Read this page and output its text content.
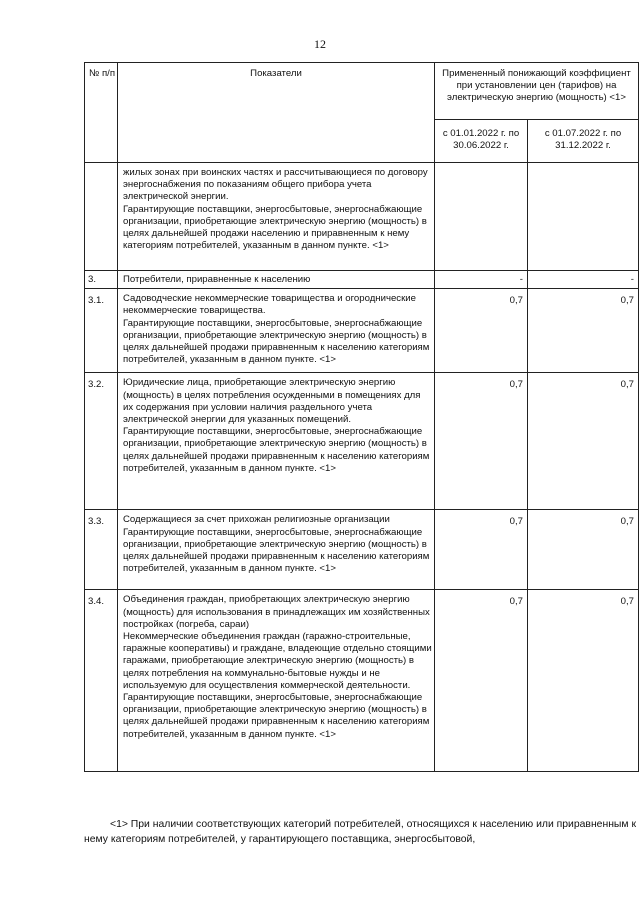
12
№ п/п	Показатели	Примененный понижающий коэффициент при установлении цен (тарифов) на электрическую энергию (мощность) <1>	
		с 01.01.2022 г. по 30.06.2022 г.	с 01.07.2022 г. по 31.12.2022 г.
	жилых зонах при воинских частях и рассчитывающиеся по договору энергоснабжения по показаниям общего прибора учета электрической энергии.
Гарантирующие поставщики, энергосбытовые, энергоснабжающие организации, приобретающие электрическую энергию (мощность) в целях дальнейшей продажи населению и приравненным к нему категориям потребителей, указанным в данном пункте. <1>		
3.	Потребители, приравненные к населению	-	-
3.1.	Садоводческие некоммерческие товарищества и огороднические некоммерческие товарищества.
Гарантирующие поставщики, энергосбытовые, энергоснабжающие организации, приобретающие электрическую энергию (мощность) в целях дальнейшей продажи приравненным к населению категориям потребителей, указанным в данном пункте. <1>	0,7	0,7
3.2.	Юридические лица, приобретающие электрическую энергию (мощность) в целях потребления осужденными в помещениях для их содержания при условии наличия раздельного учета электрической энергии для указанных помещений.
Гарантирующие поставщики, энергосбытовые, энергоснабжающие организации, приобретающие электрическую энергию (мощность) в целях дальнейшей продажи приравненным к населению категориям потребителей, указанным в данном пункте. <1>	0,7	0,7
3.3.	Содержащиеся за счет прихожан религиозные организации
Гарантирующие поставщики, энергосбытовые, энергоснабжающие организации, приобретающие электрическую энергию (мощность) в целях дальнейшей продажи приравненным к населению категориям потребителей, указанным в данном пункте. <1>	0,7	0,7
3.4.	Объединения граждан, приобретающих электрическую энергию (мощность) для использования в принадлежащих им хозяйственных постройках (погреба, сараи)
Некоммерческие объединения граждан (гаражно-строительные, гаражные кооперативы) и граждане, владеющие отдельно стоящими гаражами, приобретающие электрическую энергию (мощность) в целях потребления на коммунально-бытовые нужды и не используемую для осуществления коммерческой деятельности.
Гарантирующие поставщики, энергосбытовые, энергоснабжающие организации, приобретающие электрическую энергию (мощность) в целях дальнейшей продажи приравненным к населению категориям потребителей, указанным в данном пункте. <1>	0,7	0,7
<1> При наличии соответствующих категорий потребителей, относящихся к населению или приравненным к нему категориям потребителей, у гарантирующего поставщика, энергосбытовой,
